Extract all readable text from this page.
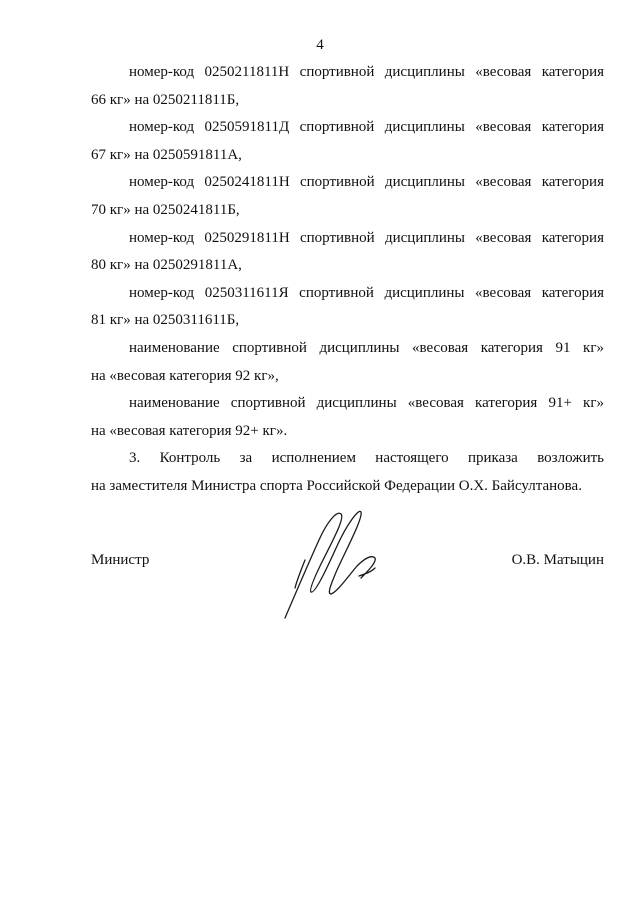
4

номер-код 0250211811Н спортивной дисциплины «весовая категория
66 кг» на 0250211811Б,

номер-код 0250591811Д спортивной дисциплины «весовая категория
67 кг» на 0250591811А,

номер-код 0250241811Н спортивной дисциплины «весовая категория
70 кг» на 0250241811Б,

номер-код 0250291811Н спортивной дисциплины «весовая категория
80 кг» на 0250291811А,

номер-код 0250311611Я спортивной дисциплины «весовая категория
81 кг» на 0250311611Б,

наименование спортивной дисциплины «весовая категория 91 кг»
на «весовая категория 92 кг»,

наименование спортивной дисциплины «весовая категория 91+ кг»
на «весовая категория 92+ кг».

3. Контроль за исполнением настоящего приказа возложить
на заместителя Министра спорта Российской Федерации О.Х. Байсултанова.

Министр	О.В. Матыцин
